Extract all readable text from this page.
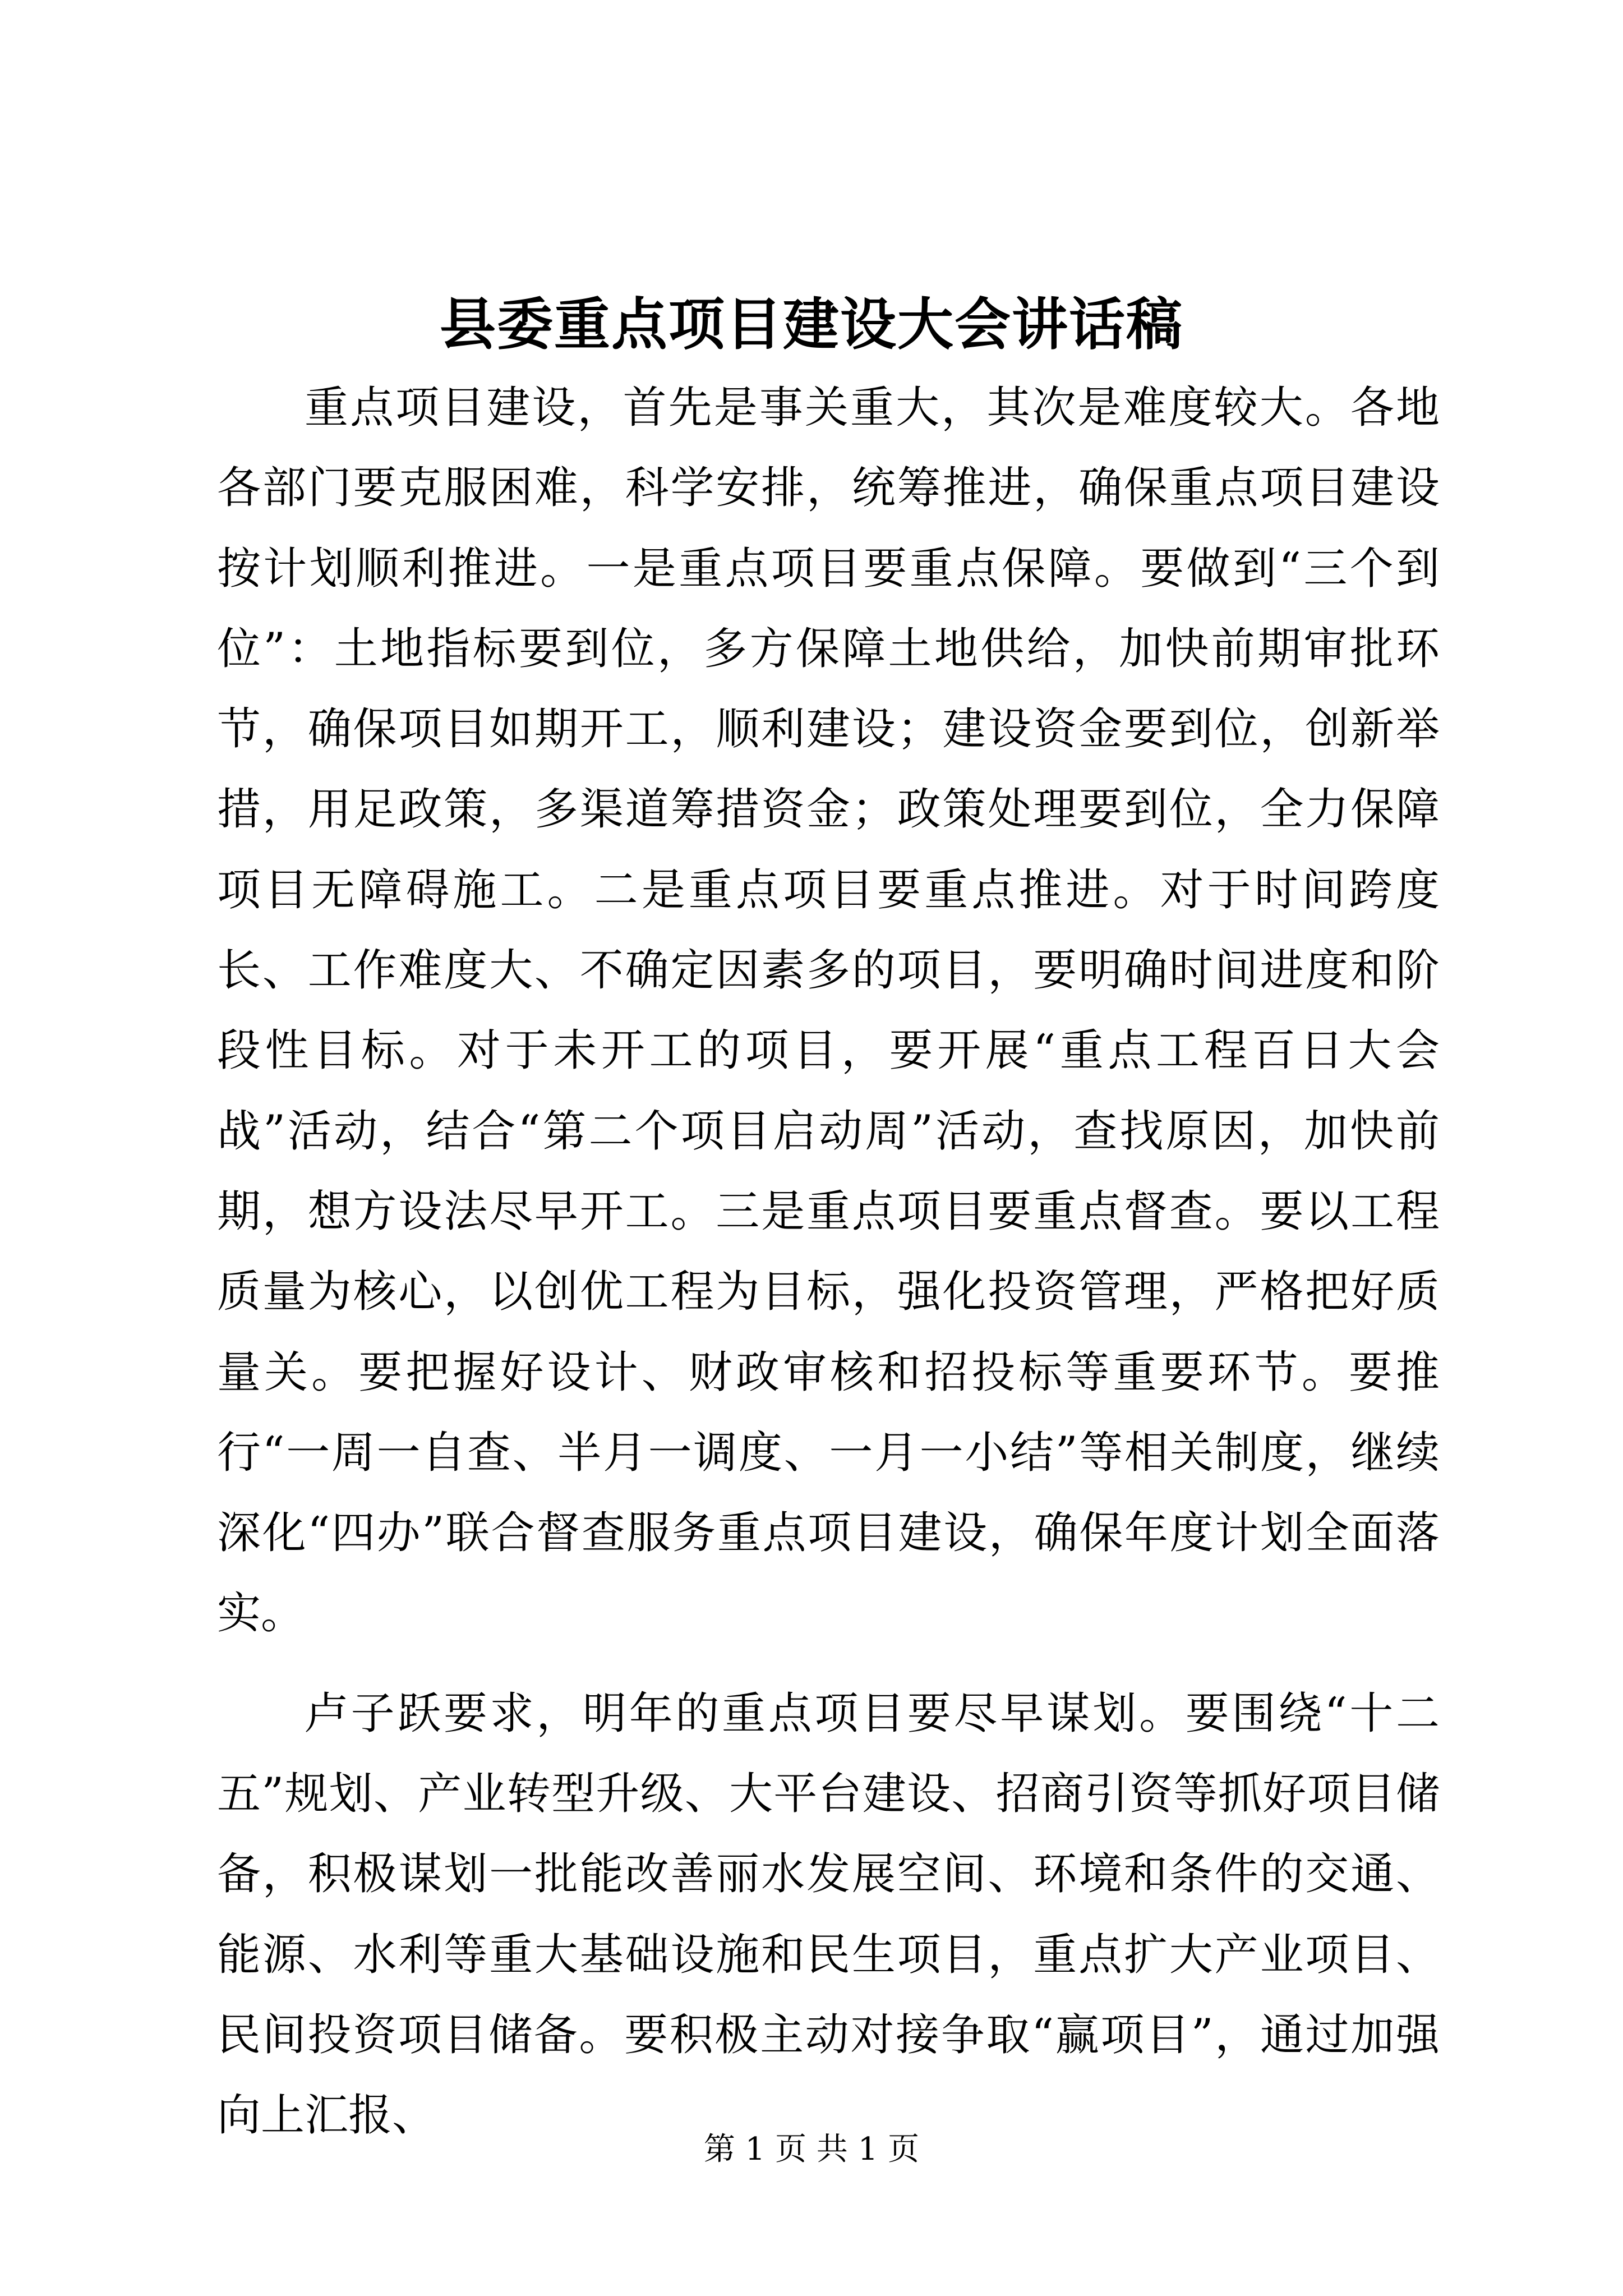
县委重点项目建设大会讲话稿

重点项目建设，首先是事关重大，其次是难度较大。各地各部门要克服困难，科学安排，统筹推进，确保重点项目建设按计划顺利推进。一是重点项目要重点保障。要做到“三个到位”：土地指标要到位，多方保障土地供给，加快前期审批环节，确保项目如期开工，顺利建设；建设资金要到位，创新举措，用足政策，多渠道筹措资金；政策处理要到位，全力保障项目无障碍施工。二是重点项目要重点推进。对于时间跨度长、工作难度大、不确定因素多的项目，要明确时间进度和阶段性目标。对于未开工的项目，要开展“重点工程百日大会战”活动，结合“第二个项目启动周”活动，查找原因，加快前期，想方设法尽早开工。三是重点项目要重点督查。要以工程质量为核心，以创优工程为目标，强化投资管理，严格把好质量关。要把握好设计、财政审核和招投标等重要环节。要推行“一周一自查、半月一调度、一月一小结”等相关制度，继续深化“四办”联合督查服务重点项目建设，确保年度计划全面落实。

卢子跃要求，明年的重点项目要尽早谋划。要围绕“十二五”规划、产业转型升级、大平台建设、招商引资等抓好项目储备，积极谋划一批能改善丽水发展空间、环境和条件的交通、能源、水利等重大基础设施和民生项目，重点扩大产业项目、民间投资项目储备。要积极主动对接争取“赢项目”，通过加强向上汇报、

第 1 页 共 1 页
